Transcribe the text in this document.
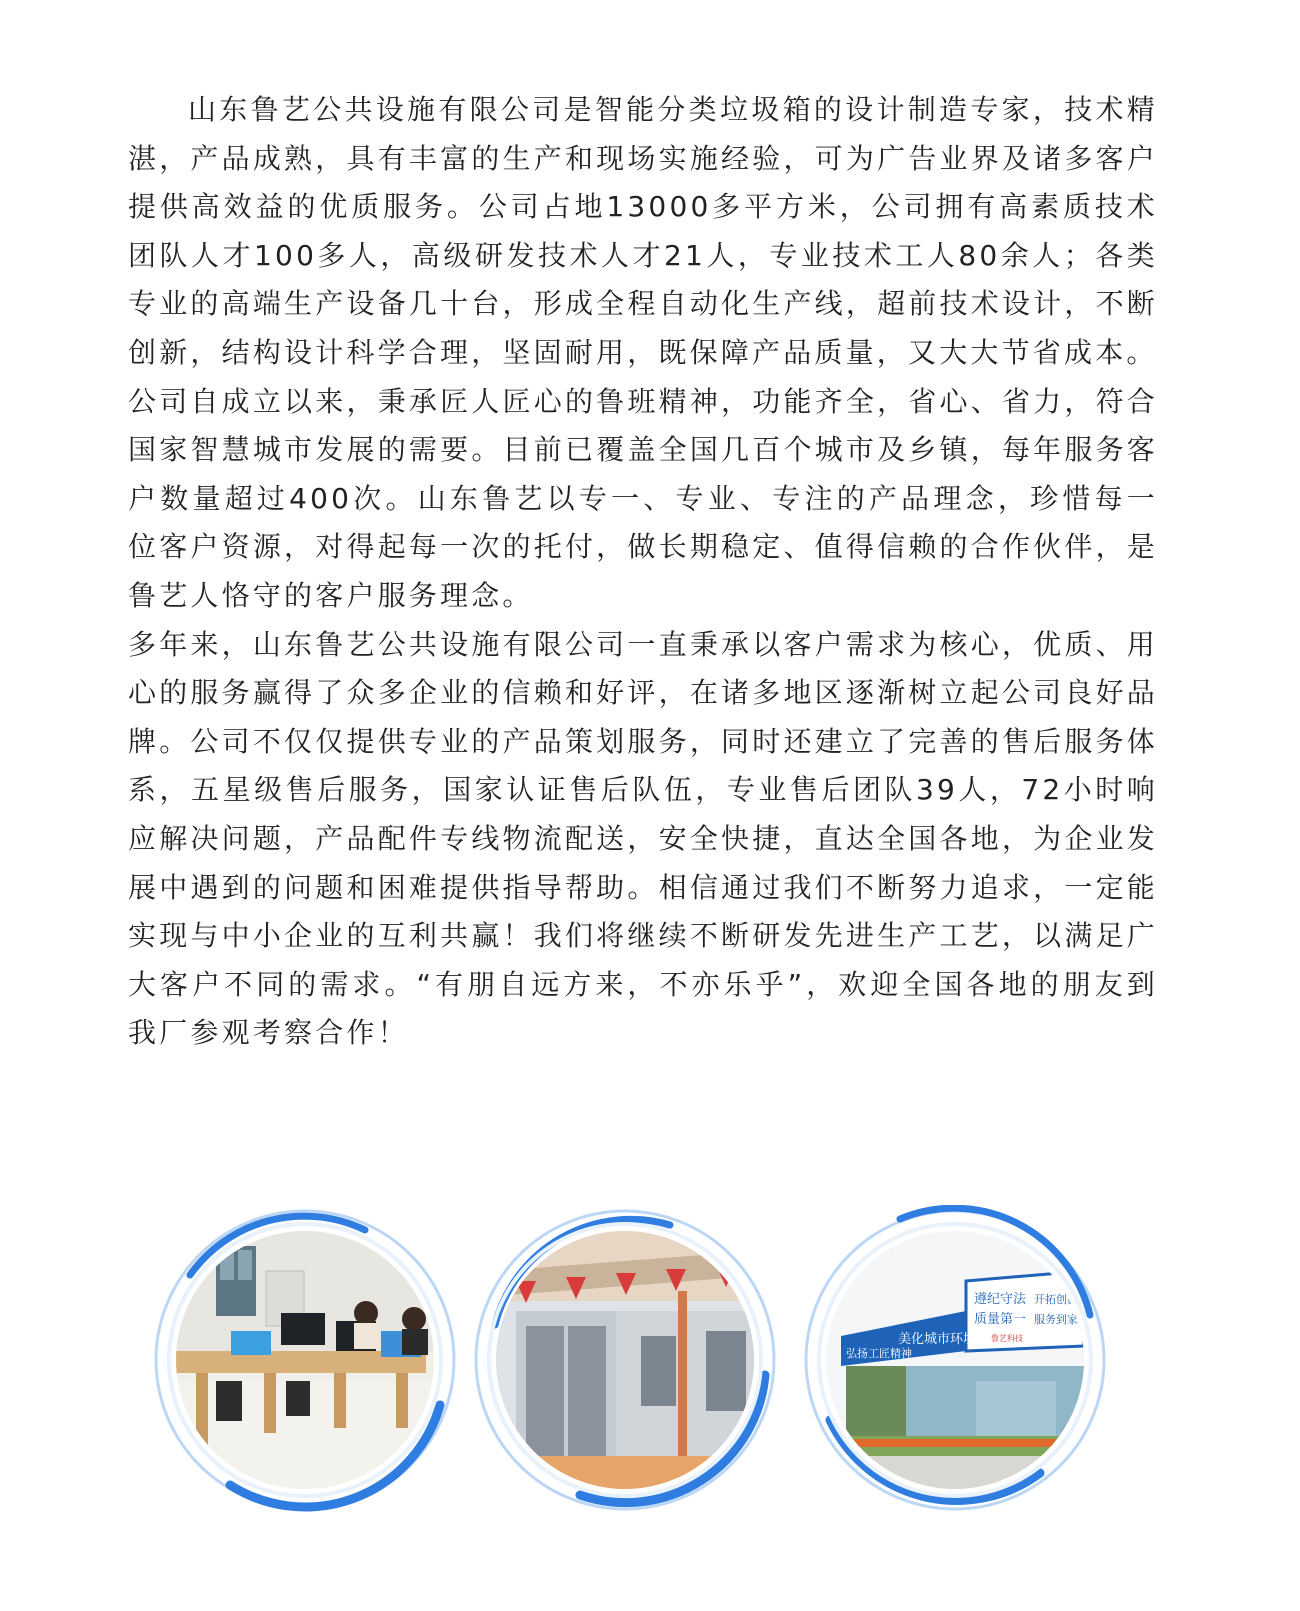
山东鲁艺公共设施有限公司是智能分类垃圾箱的设计制造专家，技术精湛，产品成熟，具有丰富的生产和现场实施经验，可为广告业界及诸多客户提供高效益的优质服务。公司占地13000多平方米，公司拥有高素质技术团队人才100多人，高级研发技术人才21人，专业技术工人80余人；各类专业的高端生产设备几十台，形成全程自动化生产线，超前技术设计，不断创新，结构设计科学合理，坚固耐用，既保障产品质量，又大大节省成本。

公司自成立以来，秉承匠人匠心的鲁班精神，功能齐全，省心、省力，符合国家智慧城市发展的需要。目前已覆盖全国几百个城市及乡镇，每年服务客户数量超过400次。山东鲁艺以专一、专业、专注的产品理念，珍惜每一位客户资源，对得起每一次的托付，做长期稳定、值得信赖的合作伙伴，是鲁艺人恪守的客户服务理念。

多年来，山东鲁艺公共设施有限公司一直秉承以客户需求为核心，优质、用心的服务赢得了众多企业的信赖和好评，在诸多地区逐渐树立起公司良好品牌。公司不仅仅提供专业的产品策划服务，同时还建立了完善的售后服务体系，五星级售后服务，国家认证售后队伍，专业售后团队39人，72小时响应解决问题，产品配件专线物流配送，安全快捷，直达全国各地，为企业发展中遇到的问题和困难提供指导帮助。相信通过我们不断努力追求，一定能实现与中小企业的互利共赢！我们将继续不断研发先进生产工艺，以满足广大客户不同的需求。“有朋自远方来，不亦乐乎”，欢迎全国各地的朋友到我厂参观考察合作！

弘扬工匠精神
美化城市环境
遵纪守法
质量第一
开拓创新
服务到家
鲁艺科技
